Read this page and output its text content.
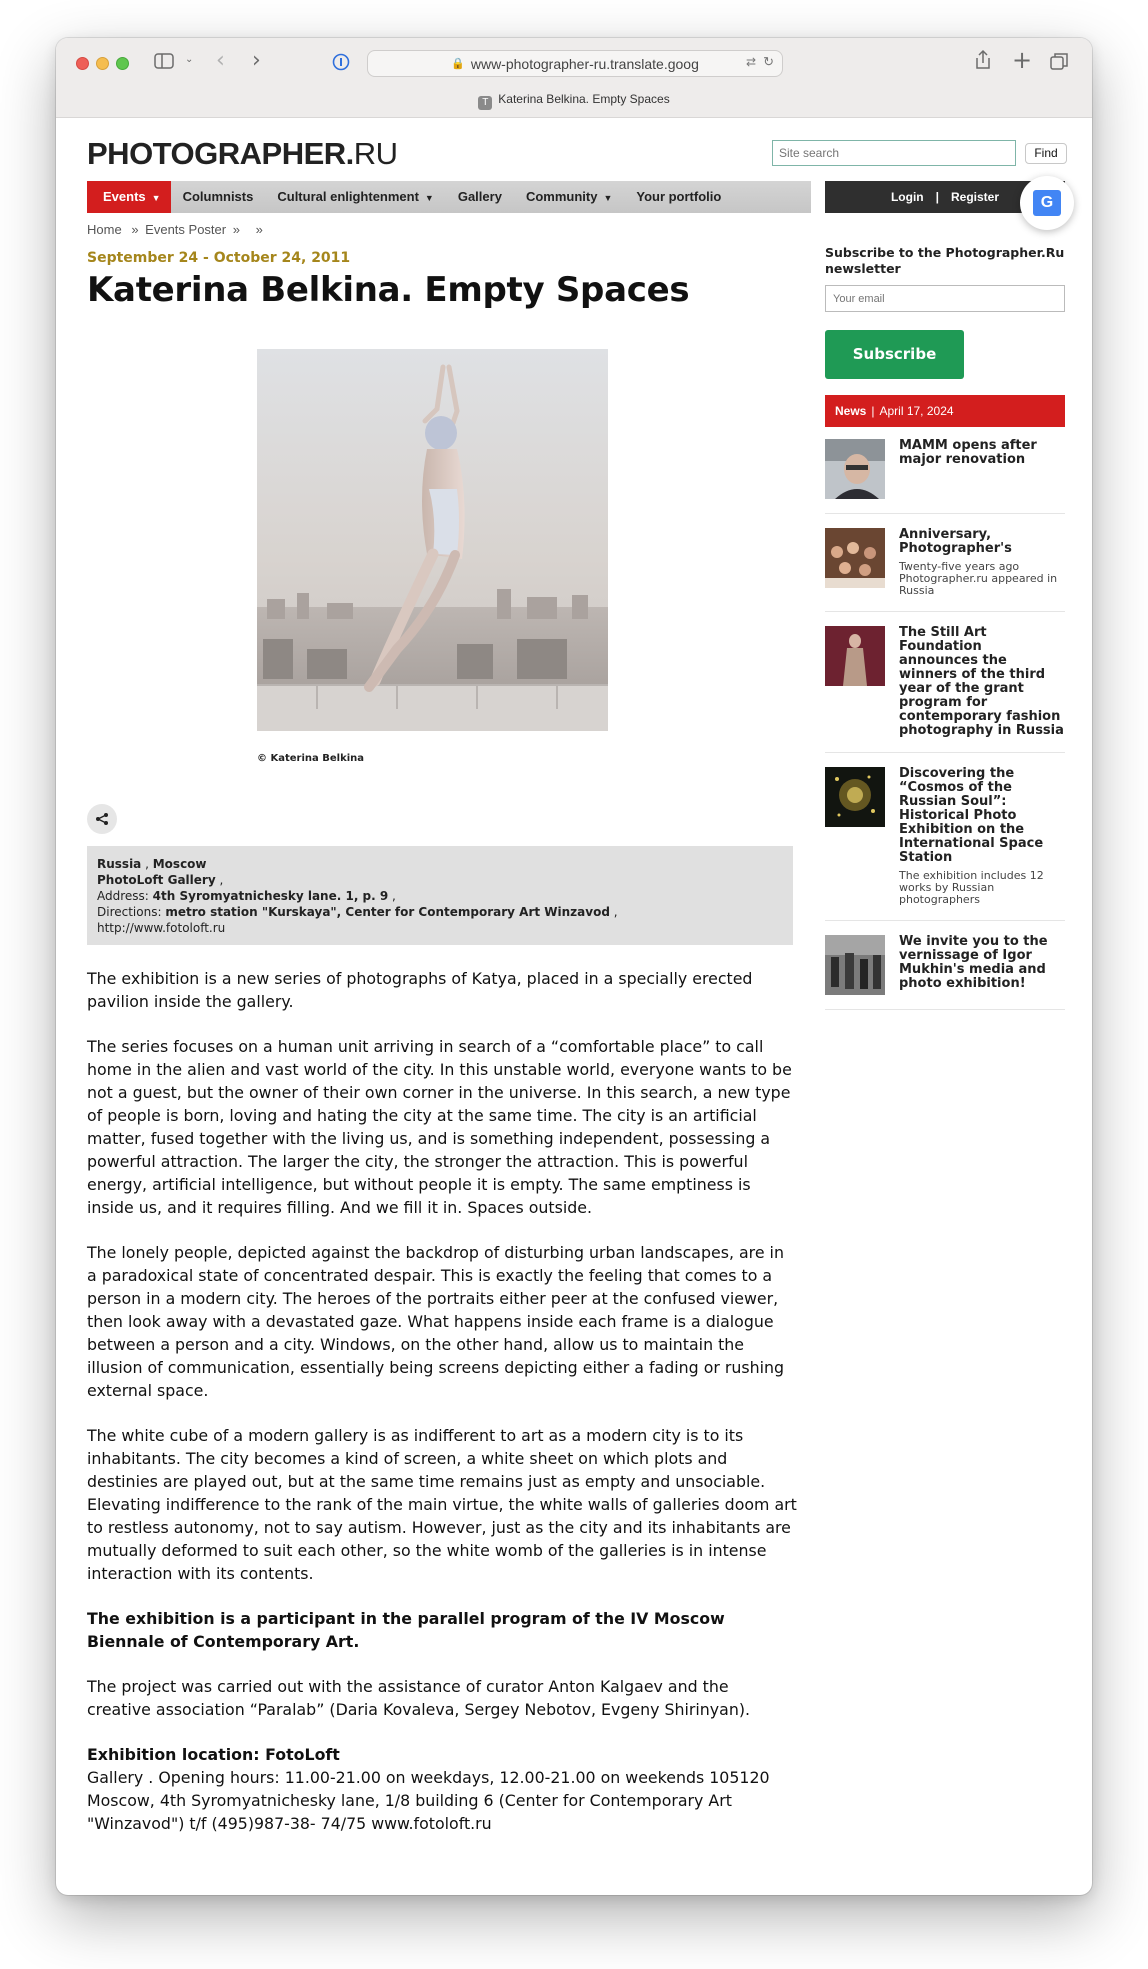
⌄ ‹ ›	🔒 www-photographer-ru.translate.goog	⇄ ↻	+
T Katerina Belkina. Empty Spaces
PHOTOGRAPHER.RU
Site search	Find
Events ▼	Columnists	Cultural enlightenment ▼	Gallery	Community ▼	Your portfolio	Login | Register	G
Home » Events Poster » »
September 24 - October 24, 2011
Katerina Belkina. Empty Spaces
© Katerina Belkina
Russia , Moscow
PhotoLoft Gallery ,
Address: 4th Syromyatnichesky lane. 1, p. 9 ,
Directions: metro station "Kurskaya", Center for Contemporary Art Winzavod ,
http://www.fotoloft.ru

The exhibition is a new series of photographs of Katya, placed in a specially erected pavilion inside the gallery.

The series focuses on a human unit arriving in search of a “comfortable place” to call home in the alien and vast world of the city. In this unstable world, everyone wants to be not a guest, but the owner of their own corner in the universe. In this search, a new type of people is born, loving and hating the city at the same time. The city is an artificial matter, fused together with the living us, and is something independent, possessing a powerful attraction. The larger the city, the stronger the attraction. This is powerful energy, artificial intelligence, but without people it is empty. The same emptiness is inside us, and it requires filling. And we fill it in. Spaces outside.

The lonely people, depicted against the backdrop of disturbing urban landscapes, are in a paradoxical state of concentrated despair. This is exactly the feeling that comes to a person in a modern city. The heroes of the portraits either peer at the confused viewer, then look away with a devastated gaze. What happens inside each frame is a dialogue between a person and a city. Windows, on the other hand, allow us to maintain the illusion of communication, essentially being screens depicting either a fading or rushing external space.

The white cube of a modern gallery is as indifferent to art as a modern city is to its inhabitants. The city becomes a kind of screen, a white sheet on which plots and destinies are played out, but at the same time remains just as empty and unsociable. Elevating indifference to the rank of the main virtue, the white walls of galleries doom art to restless autonomy, not to say autism. However, just as the city and its inhabitants are mutually deformed to suit each other, so the white womb of the galleries is in intense interaction with its contents.

The exhibition is a participant in the parallel program of the IV Moscow Biennale of Contemporary Art.

The project was carried out with the assistance of curator Anton Kalgaev and the creative association “Paralab” (Daria Kovaleva, Sergey Nebotov, Evgeny Shirinyan).

Exhibition location: FotoLoft
Gallery . Opening hours: 11.00-21.00 on weekdays, 12.00-21.00 on weekends 105120 Moscow, 4th Syromyatnichesky lane, 1/8 building 6 (Center for Contemporary Art "Winzavod") t/f (495)987-38- 74/75 www.fotoloft.ru

Subscribe to the Photographer.Ru newsletter
Your email
Subscribe
News | April 17, 2024
MAMM opens after major renovation
Anniversary, Photographer's
Twenty-five years ago Photographer.ru appeared in Russia
The Still Art Foundation announces the winners of the third year of the grant program for contemporary fashion photography in Russia
Discovering the “Cosmos of the Russian Soul”: Historical Photo Exhibition on the International Space Station
The exhibition includes 12 works by Russian photographers
We invite you to the vernissage of Igor Mukhin's media and photo exhibition!
